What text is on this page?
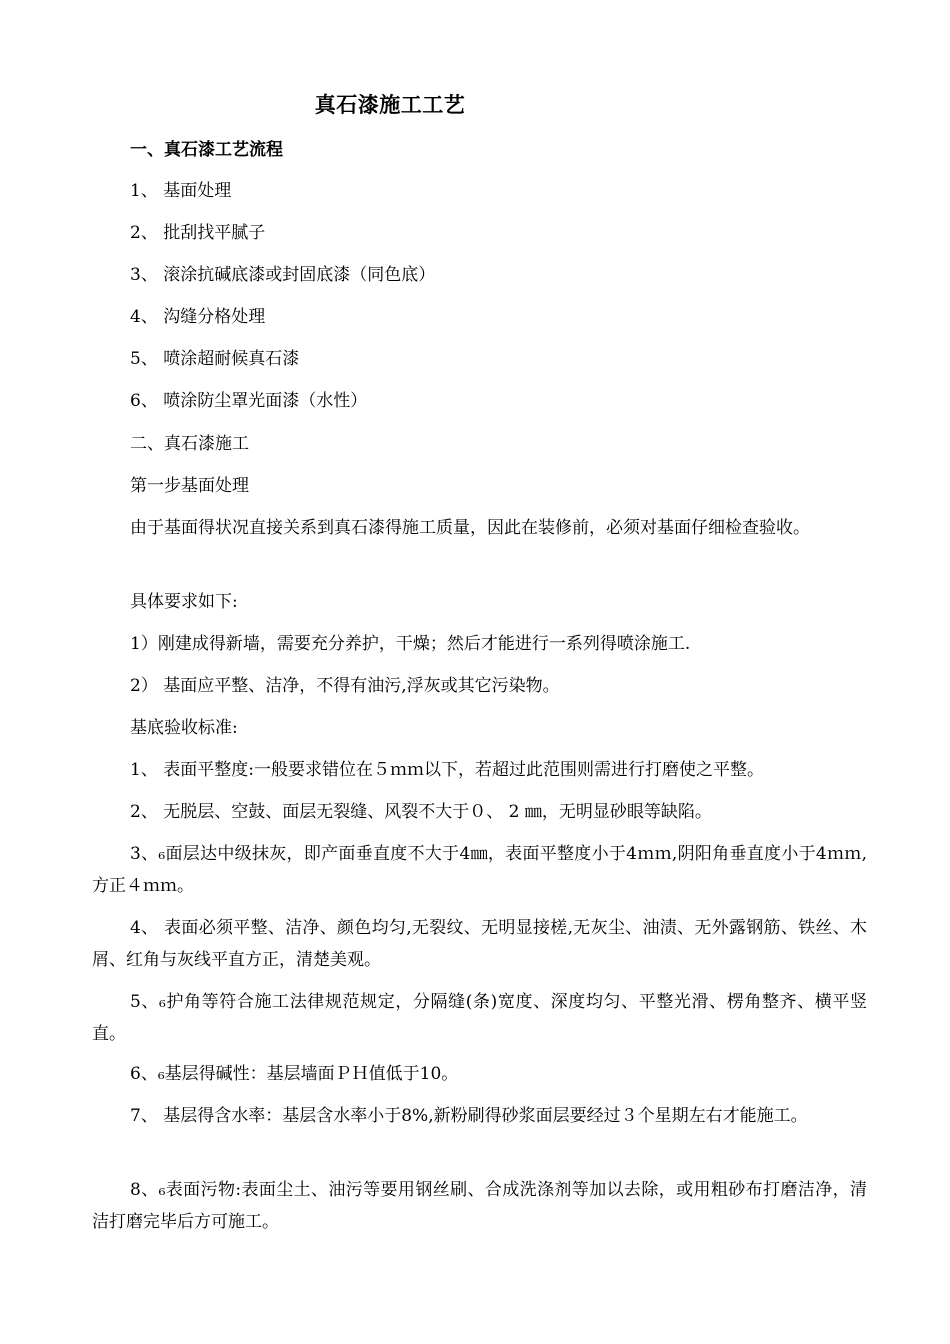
真石漆施工工艺
一、真石漆工艺流程
1、 基面处理
2、 批刮找平腻子
3、 滚涂抗碱底漆或封固底漆（同色底）
4、 沟缝分格处理
5、 喷涂超耐候真石漆
6、 喷涂防尘罩光面漆（水性）
二、真石漆施工
第一步基面处理
由于基面得状况直接关系到真石漆得施工质量，因此在装修前，必须对基面仔细检查验收。
具体要求如下:
1）刚建成得新墙，需要充分养护，干燥；然后才能进行一系列得喷涂施工.
2） 基面应平整、洁净，不得有油污,浮灰或其它污染物。
基底验收标准:
1、 表面平整度:一般要求错位在５ｍｍ以下，若超过此范围则需进行打磨使之平整。
2、 无脱层、空鼓、面层无裂缝、风裂不大于０、 2 ㎜，无明显砂眼等缺陷。
3、₆面层达中级抹灰，即产面垂直度不大于4㎜，表面平整度小于4ｍｍ,阴阳角垂直度小于4ｍｍ,方正４ｍｍ。
4、 表面必须平整、洁净、颜色均匀,无裂纹、无明显接槎,无灰尘、油渍、无外露钢筋、铁丝、木屑、红角与灰线平直方正，清楚美观。
5、₆护角等符合施工法律规范规定，分隔缝(条)宽度、深度均匀、平整光滑、楞角整齐、横平竖直。
6、₆基层得碱性：基层墙面ＰＨ值低于10。
7、 基层得含水率：基层含水率小于8%,新粉刷得砂浆面层要经过３个星期左右才能施工。
8、₆表面污物:表面尘土、油污等要用钢丝刷、合成洗涤剂等加以去除，或用粗砂布打磨洁净，清洁打磨完毕后方可施工。
